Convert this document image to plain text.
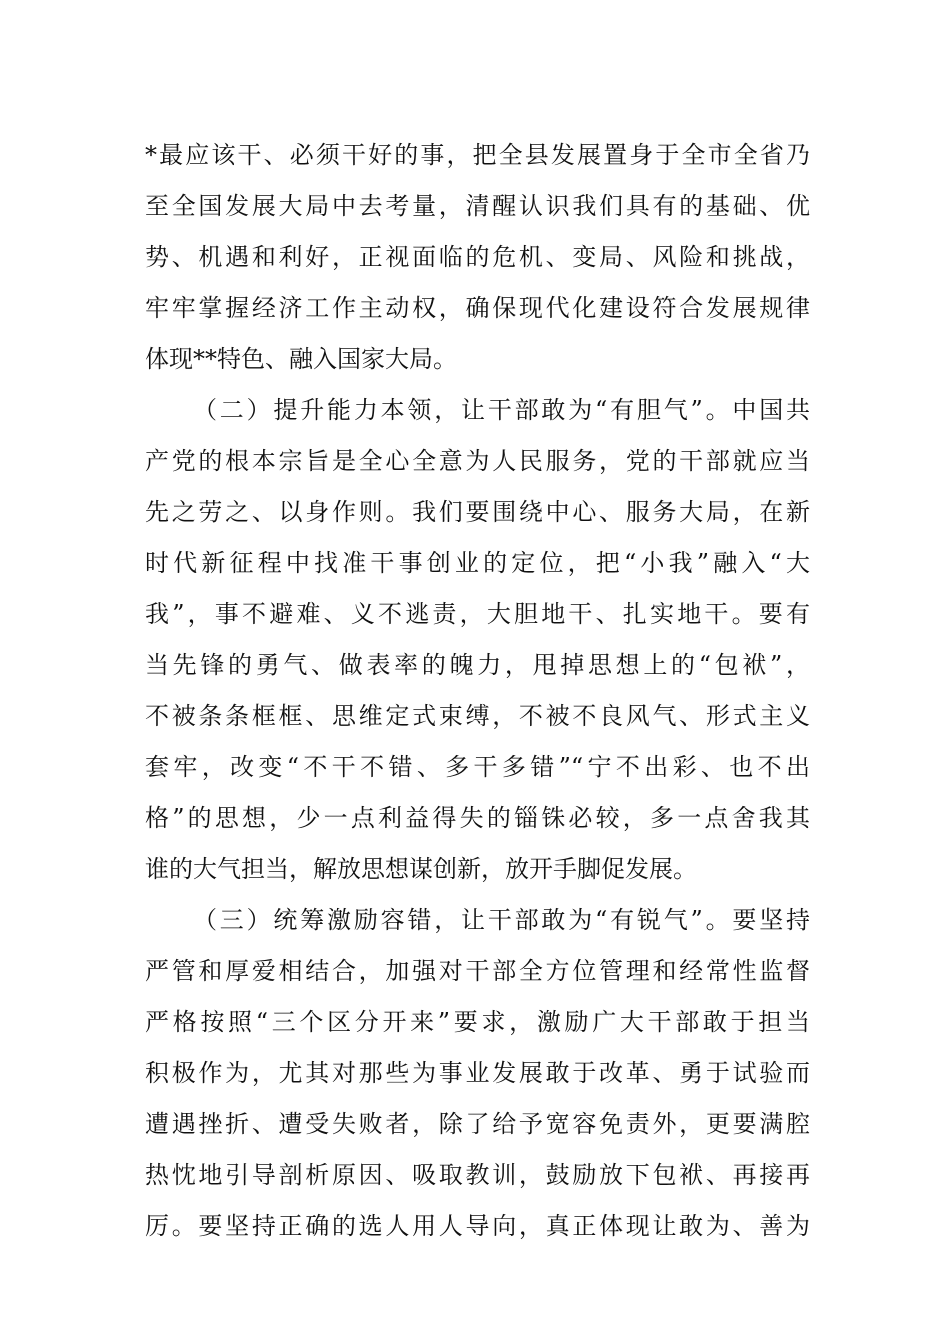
*最应该干、必须干好的事，把全县发展置身于全市全省乃
至全国发展大局中去考量，清醒认识我们具有的基础、优
势、机遇和利好，正视面临的危机、变局、风险和挑战，
牢牢掌握经济工作主动权，确保现代化建设符合发展规律
体现**特色、融入国家大局。
（二）提升能力本领，让干部敢为“有胆气”。中国共
产党的根本宗旨是全心全意为人民服务，党的干部就应当
先之劳之、以身作则。我们要围绕中心、服务大局，在新
时代新征程中找准干事创业的定位，把“小我”融入“大
我”，事不避难、义不逃责，大胆地干、扎实地干。要有
当先锋的勇气、做表率的魄力，甩掉思想上的“包袱”，
不被条条框框、思维定式束缚，不被不良风气、形式主义
套牢，改变“不干不错、多干多错”“宁不出彩、也不出
格”的思想，少一点利益得失的锱铢必较，多一点舍我其
谁的大气担当，解放思想谋创新，放开手脚促发展。
（三）统筹激励容错，让干部敢为“有锐气”。要坚持
严管和厚爱相结合，加强对干部全方位管理和经常性监督
严格按照“三个区分开来”要求，激励广大干部敢于担当
积极作为，尤其对那些为事业发展敢于改革、勇于试验而
遭遇挫折、遭受失败者，除了给予宽容免责外，更要满腔
热忱地引导剖析原因、吸取教训，鼓励放下包袱、再接再
厉。要坚持正确的选人用人导向，真正体现让敢为、善为
